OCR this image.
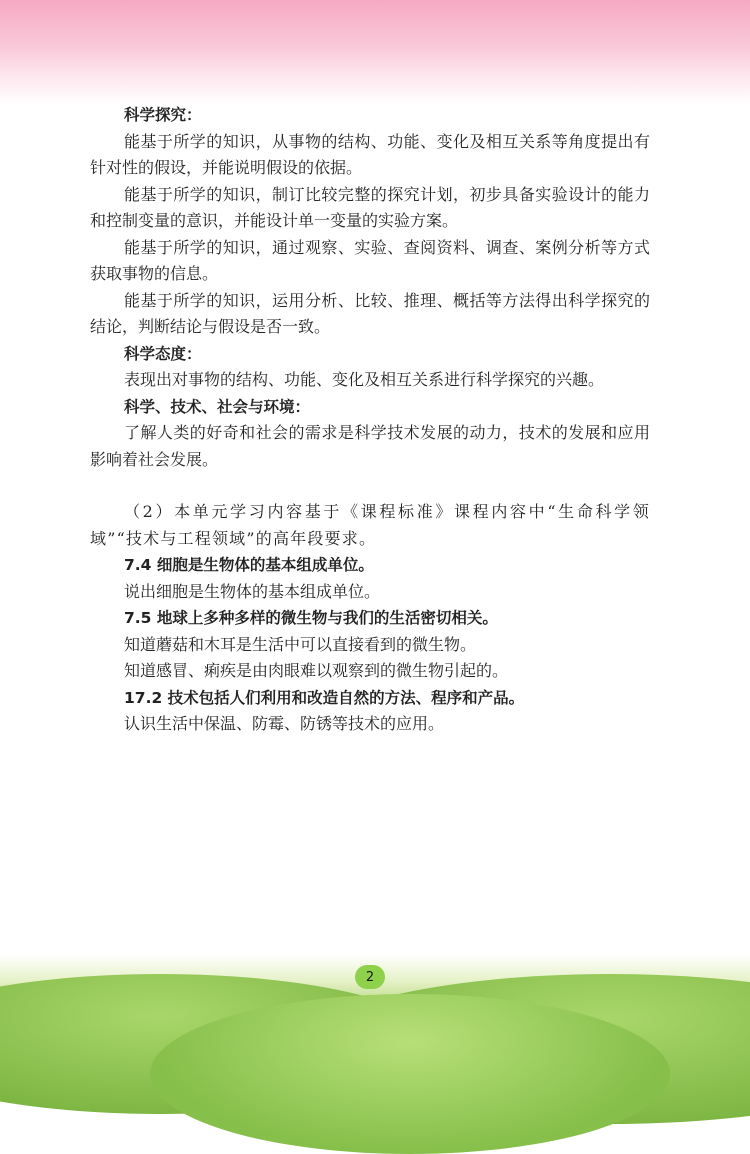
科学探究：

能基于所学的知识，从事物的结构、功能、变化及相互关系等角度提出有针对性的假设，并能说明假设的依据。

能基于所学的知识，制订比较完整的探究计划，初步具备实验设计的能力和控制变量的意识，并能设计单一变量的实验方案。

能基于所学的知识，通过观察、实验、查阅资料、调查、案例分析等方式获取事物的信息。

能基于所学的知识，运用分析、比较、推理、概括等方法得出科学探究的结论，判断结论与假设是否一致。

科学态度：

表现出对事物的结构、功能、变化及相互关系进行科学探究的兴趣。

科学、技术、社会与环境：

了解人类的好奇和社会的需求是科学技术发展的动力，技术的发展和应用影响着社会发展。

（2）本单元学习内容基于《课程标准》课程内容中“生命科学领域”“技术与工程领域”的高年段要求。

7.4 细胞是生物体的基本组成单位。

说出细胞是生物体的基本组成单位。

7.5 地球上多种多样的微生物与我们的生活密切相关。

知道蘑菇和木耳是生活中可以直接看到的微生物。

知道感冒、痢疾是由肉眼难以观察到的微生物引起的。

17.2 技术包括人们利用和改造自然的方法、程序和产品。

认识生活中保温、防霉、防锈等技术的应用。

2
